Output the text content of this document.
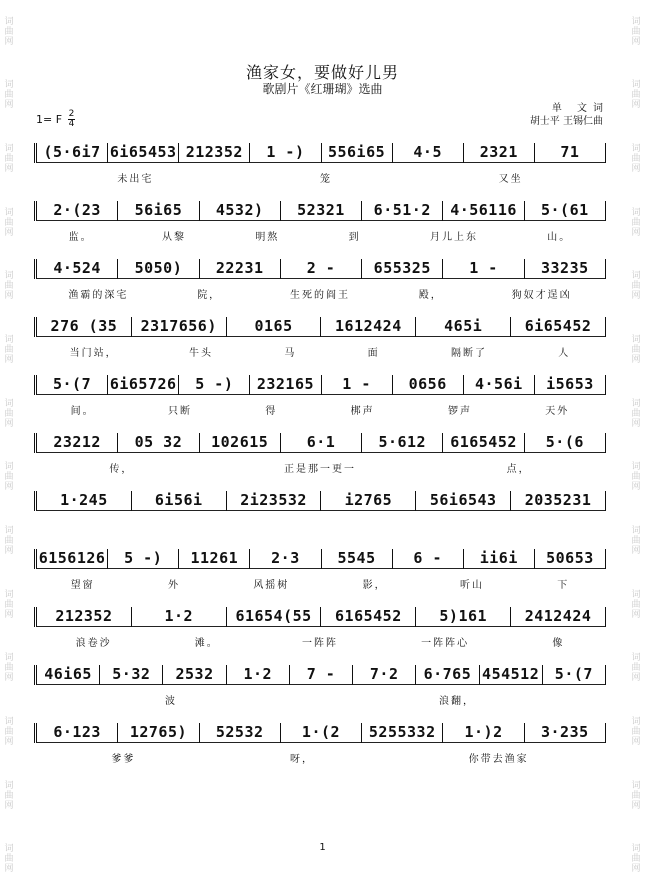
词
曲
网
词
曲
网
词
曲
网
词
曲
网
词
曲
网
词
曲
网
词
曲
网
词
曲
网
词
曲
网
词
曲
网
词
曲
网
词
曲
网
词
曲
网
词
曲
网
词
曲
网
词
曲
网
词
曲
网
词
曲
网
词
曲
网
词
曲
网
词
曲
网
词
曲
网
词
曲
网
词
曲
网
词
曲
网
词
曲
网
词
曲
网
词
曲
网
渔家女，要做好儿男
歌剧片《红珊瑚》选曲
1= F 2
4
单 文词
胡士平 王锡仁曲
(5·6i7 6i65453 212352	1 -)	556i65	4·5	2321	71
未出宅	笼	又坐
2·(23	56i65	4532)	52321	6·51·2	4·56116	5·(61
监。	从黎	明熬	到	月儿上东	山。
4·524	5050)	22231	2 -	655325	1 -	33235
渔霸的深宅	院，	生死的阎王	殿，	狗奴才逞凶
276 (35	2317656)	0165	1612424	465i	6i65452
当门站，	牛头	马	面	隔断了	人
5·(7	6i65726	5 -)	232165	1 -	0656	4·56i	i5653
间。	只断	得	梆声	锣声	天外
23212	05 32	102615	6·1	5·612	6165452	5·(6
传，	正是那一更一	点，
1·245	6i56i	2i23532	i2765	56i6543	2035231
6156126	5 -)	11261	2·3	5545	6 -	ii6i	50653
望窗	外	风摇树	影，	听山	下
212352	1·2	61654(55	6165452	5)161	2412424
浪卷沙	滩。	一阵阵	一阵阵心	像
46i65	5·32	2532	1·2	7 -	7·2	6·765 454512	5·(7
波	浪翻，
6·123	12765)	52532	1·(2	5255332	1·)2	3·235
爹爹	呀，	你带去渔家
1
